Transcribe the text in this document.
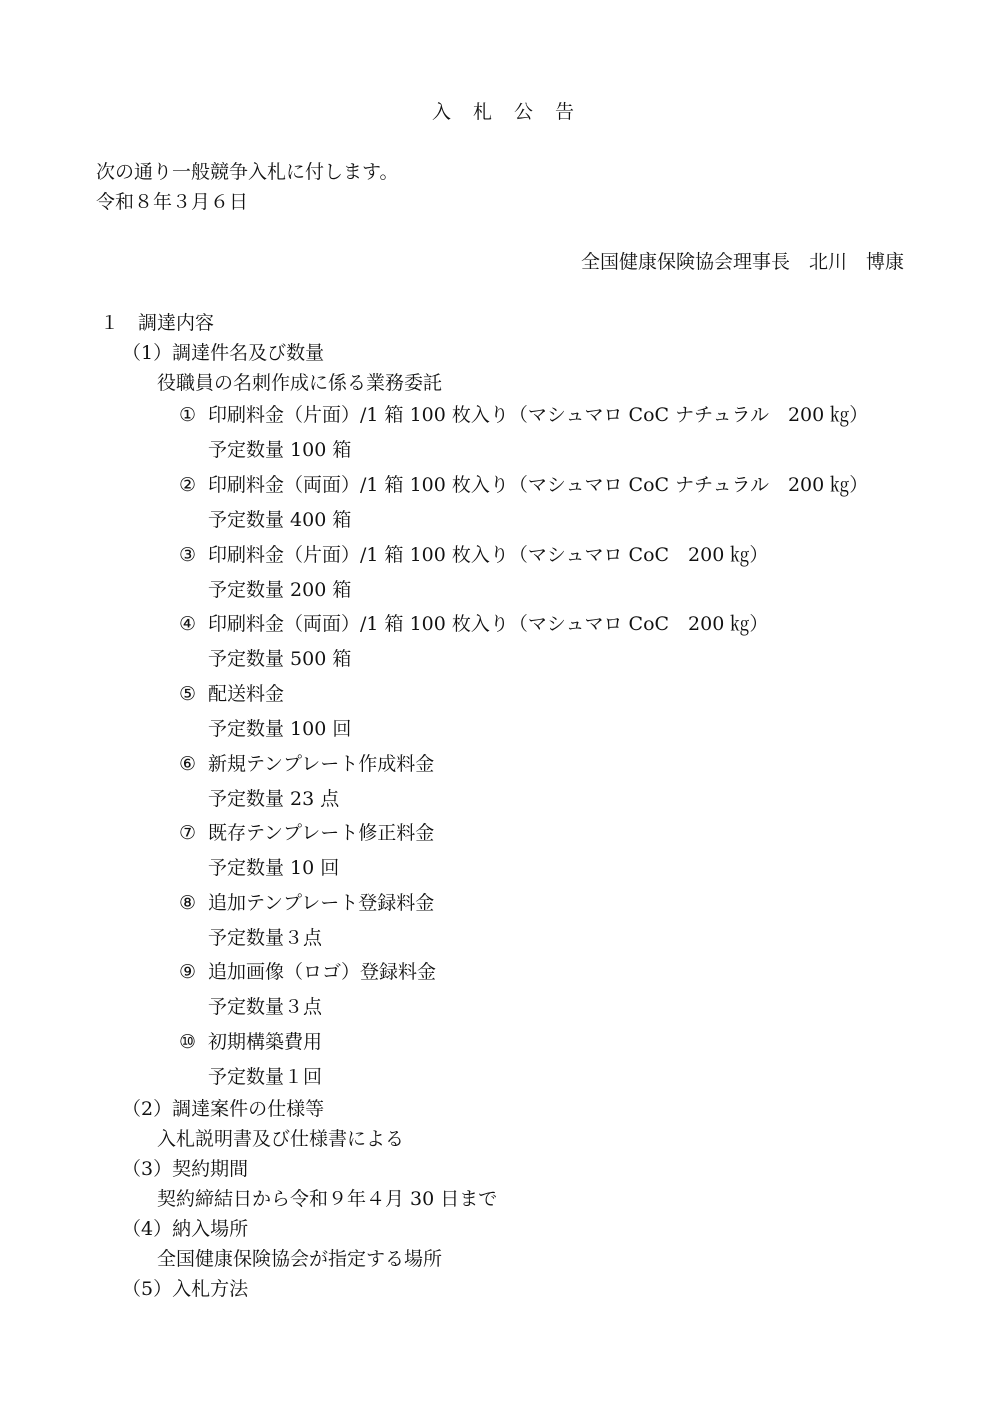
入札公告
次の通り一般競争入札に付します。
令和８年３月６日
全国健康保険協会理事長　北川　博康
１　調達内容
（1）調達件名及び数量
役職員の名刺作成に係る業務委託
① 印刷料金（片面）/1 箱 100 枚入り（マシュマロ CoC ナチュラル　200 ㎏）
予定数量 100 箱
② 印刷料金（両面）/1 箱 100 枚入り（マシュマロ CoC ナチュラル　200 ㎏）
予定数量 400 箱
③ 印刷料金（片面）/1 箱 100 枚入り（マシュマロ CoC　200 ㎏）
予定数量 200 箱
④ 印刷料金（両面）/1 箱 100 枚入り（マシュマロ CoC　200 ㎏）
予定数量 500 箱
⑤ 配送料金
予定数量 100 回
⑥ 新規テンプレート作成料金
予定数量 23 点
⑦ 既存テンプレート修正料金
予定数量 10 回
⑧ 追加テンプレート登録料金
予定数量３点
⑨ 追加画像（ロゴ）登録料金
予定数量３点
⑩ 初期構築費用
予定数量１回
（2）調達案件の仕様等
入札説明書及び仕様書による
（3）契約期間
契約締結日から令和９年４月 30 日まで
（4）納入場所
全国健康保険協会が指定する場所
（5）入札方法
